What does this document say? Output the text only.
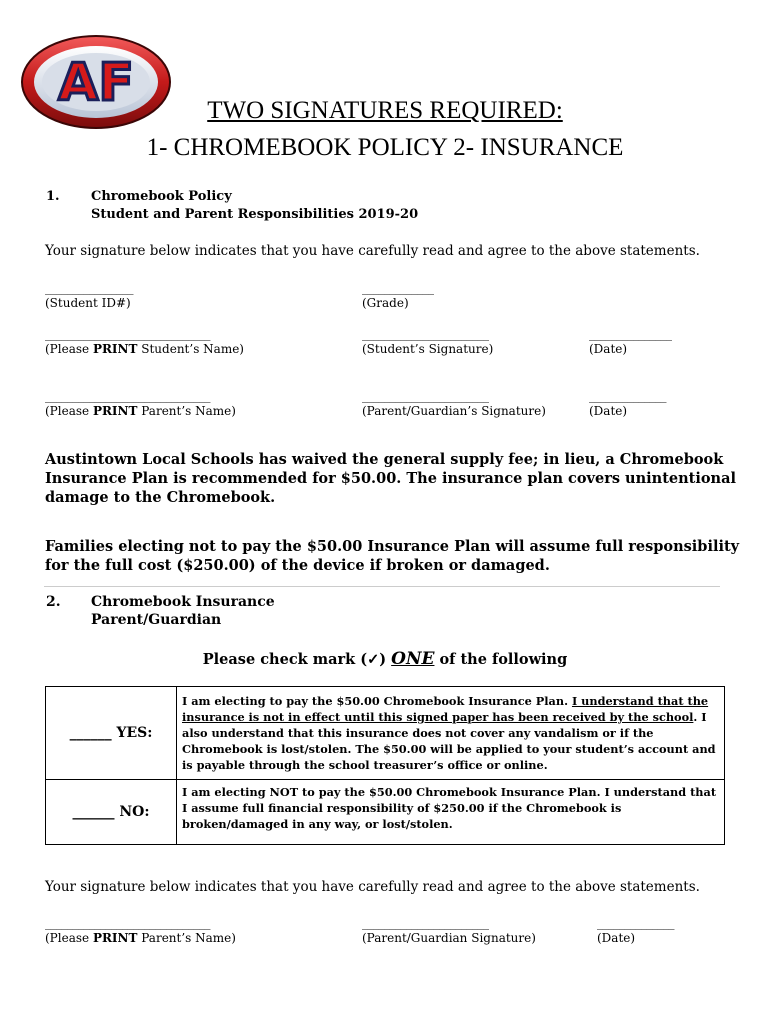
AF	TWO SIGNATURES REQUIRED:
1- CHROMEBOOK POLICY 2- INSURANCE
1. Chromebook Policy
Student and Parent Responsibilities 2019-20
Your signature below indicates that you have carefully read and agree to the above statements.
________________
(Student ID#)
_____________
(Grade)
______________________________
(Please PRINT Student’s Name)
_______________________
(Student’s Signature)
_______________
(Date)
______________________________
(Please PRINT Parent’s Name)
_______________________
(Parent/Guardian’s Signature)
______________
(Date)
Austintown Local Schools has waived the general supply fee; in lieu, a Chromebook
Insurance Plan is recommended for $50.00. The insurance plan covers unintentional
damage to the Chromebook.
Families electing not to pay the $50.00 Insurance Plan will assume full responsibility
for the full cost ($250.00) of the device if broken or damaged.
2. Chromebook Insurance
Parent/Guardian
Please check mark (✓) ONE of the following
______ YES:	I am electing to pay the $50.00 Chromebook Insurance Plan. I understand that the insurance is not in effect until this signed paper has been received by the school. I also understand that this insurance does not cover any vandalism or if the Chromebook is lost/stolen. The $50.00 will be applied to your student’s account and is payable through the school treasurer’s office or online.
______ NO:	I am electing NOT to pay the $50.00 Chromebook Insurance Plan. I understand that I assume full financial responsibility of $250.00 if the Chromebook is broken/damaged in any way, or lost/stolen.
Your signature below indicates that you have carefully read and agree to the above statements.
______________________________
(Please PRINT Parent’s Name)
_______________________
(Parent/Guardian Signature)
______________
(Date)
